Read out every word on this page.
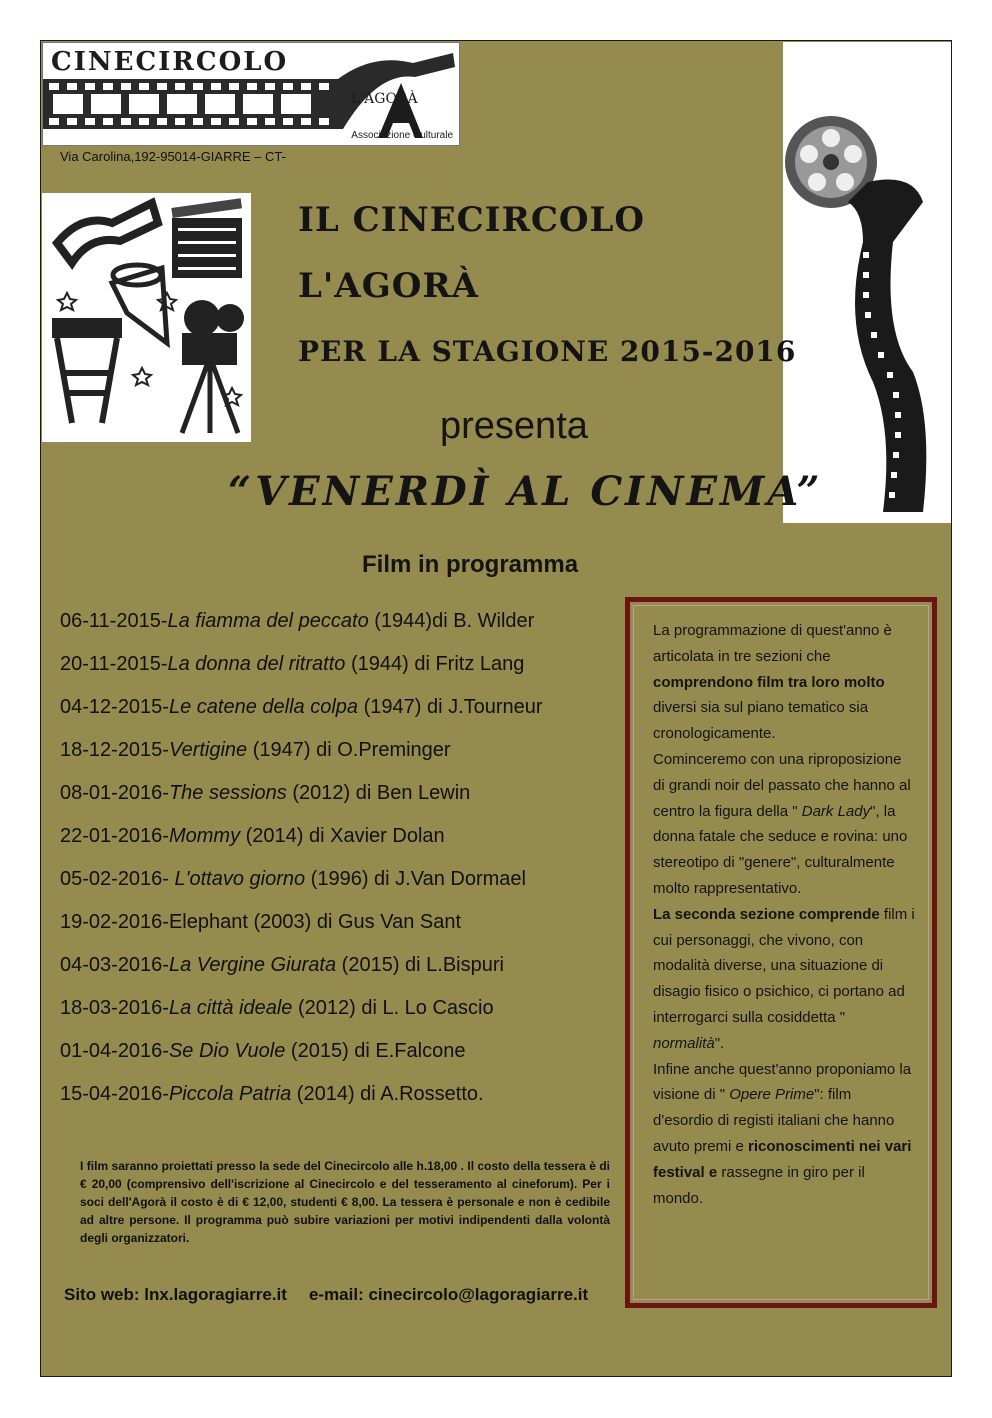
CINECIRCOLO
L'AGORÀ
Associazione Culturale
Via Carolina,192-95014-GIARRE – CT-
IL CINECIRCOLO
L'AGORÀ
PER LA STAGIONE 2015-2016
presenta
“VENERDÌ AL CINEMA”
Film in programma
06-11-2015-La fiamma del peccato (1944)di B. Wilder
20-11-2015-La donna del ritratto (1944) di Fritz Lang
04-12-2015-Le catene della colpa (1947) di J.Tourneur
18-12-2015-Vertigine (1947) di O.Preminger
08-01-2016-The sessions (2012) di Ben Lewin
22-01-2016-Mommy (2014) di Xavier Dolan
05-02-2016- L'ottavo giorno (1996) di J.Van Dormael
19-02-2016-Elephant (2003) di Gus Van Sant
04-03-2016-La Vergine Giurata (2015) di L.Bispuri
18-03-2016-La città ideale (2012) di L. Lo Cascio
01-04-2016-Se Dio Vuole (2015) di E.Falcone
15-04-2016-Piccola Patria (2014) di A.Rossetto.
I film saranno proiettati presso la sede del Cinecircolo alle h.18,00 . Il costo della tessera è di € 20,00 (comprensivo dell'iscrizione al Cinecircolo e del tesseramento al cineforum). Per i soci dell'Agorà il costo è di € 12,00, studenti € 8,00. La tessera è personale e non è cedibile ad altre persone. Il programma può subire variazioni per motivi indipendenti dalla volontà degli organizzatori.
Sito web: lnx.lagoragiarre.it e-mail: cinecircolo@lagoragiarre.it

La programmazione di quest'anno è articolata in tre sezioni che comprendono film tra loro molto diversi sia sul piano tematico sia cronologicamente.

Cominceremo con una riproposizione di grandi noir del passato che hanno al centro la figura della " Dark Lady", la donna fatale che seduce e rovina: uno stereotipo di "genere", culturalmente molto rappresentativo.

La seconda sezione comprende film i cui personaggi, che vivono, con modalità diverse, una situazione di disagio fisico o psichico, ci portano ad interrogarci sulla cosiddetta " normalità".

Infine anche quest'anno proponiamo la visione di " Opere Prime": film d'esordio di registi italiani che hanno avuto premi e riconoscimenti nei vari festival e rassegne in giro per il mondo.
